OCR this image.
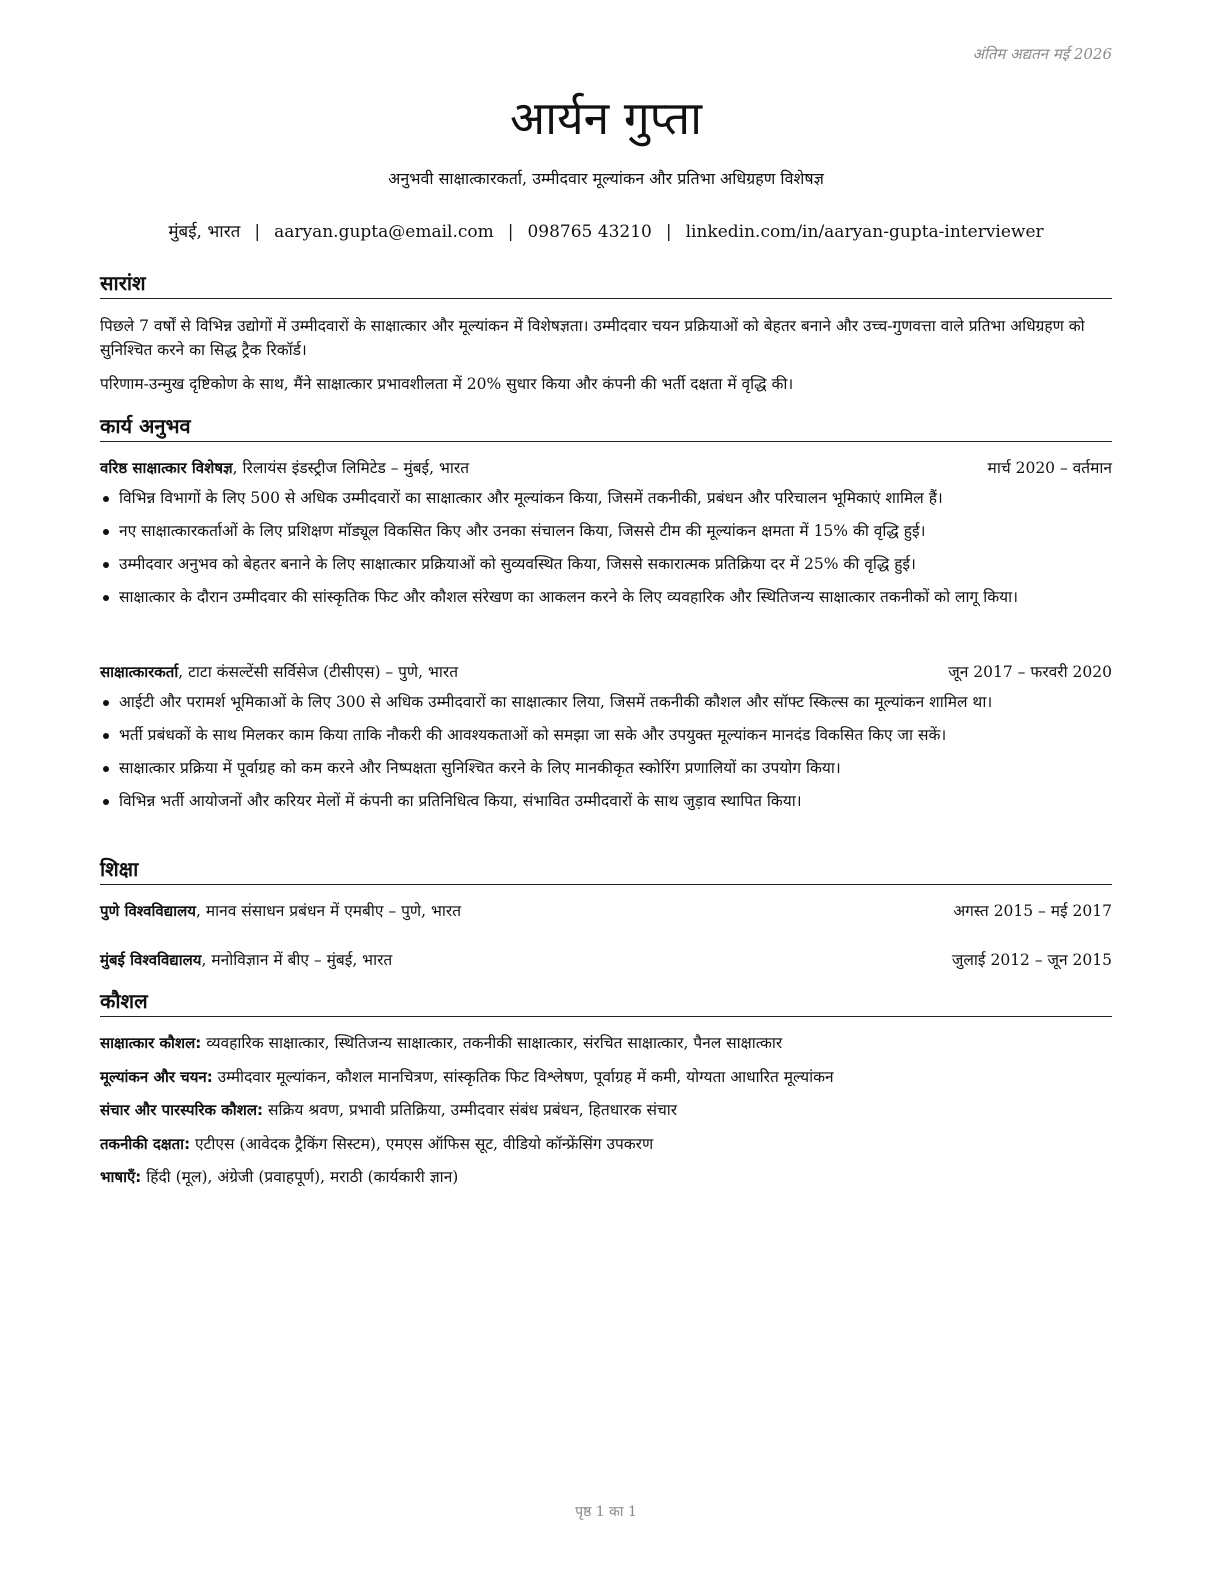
अंतिम अद्यतन मई 2026
आर्यन गुप्ता
अनुभवी साक्षात्कारकर्ता, उम्मीदवार मूल्यांकन और प्रतिभा अधिग्रहण विशेषज्ञ
मुंबई, भारत | aaryan.gupta@email.com | 098765 43210 | linkedin.com/in/aaryan-gupta-interviewer
सारांश
पिछले 7 वर्षों से विभिन्न उद्योगों में उम्मीदवारों के साक्षात्कार और मूल्यांकन में विशेषज्ञता। उम्मीदवार चयन प्रक्रियाओं को बेहतर बनाने और उच्च-गुणवत्ता वाले प्रतिभा अधिग्रहण को सुनिश्चित करने का सिद्ध ट्रैक रिकॉर्ड।
परिणाम-उन्मुख दृष्टिकोण के साथ, मैंने साक्षात्कार प्रभावशीलता में 20% सुधार किया और कंपनी की भर्ती दक्षता में वृद्धि की।
कार्य अनुभव
वरिष्ठ साक्षात्कार विशेषज्ञ, रिलायंस इंडस्ट्रीज लिमिटेड – मुंबई, भारत	मार्च 2020 – वर्तमान
विभिन्न विभागों के लिए 500 से अधिक उम्मीदवारों का साक्षात्कार और मूल्यांकन किया, जिसमें तकनीकी, प्रबंधन और परिचालन भूमिकाएं शामिल हैं।
नए साक्षात्कारकर्ताओं के लिए प्रशिक्षण मॉड्यूल विकसित किए और उनका संचालन किया, जिससे टीम की मूल्यांकन क्षमता में 15% की वृद्धि हुई।
उम्मीदवार अनुभव को बेहतर बनाने के लिए साक्षात्कार प्रक्रियाओं को सुव्यवस्थित किया, जिससे सकारात्मक प्रतिक्रिया दर में 25% की वृद्धि हुई।
साक्षात्कार के दौरान उम्मीदवार की सांस्कृतिक फिट और कौशल संरेखण का आकलन करने के लिए व्यवहारिक और स्थितिजन्य साक्षात्कार तकनीकों को लागू किया।
साक्षात्कारकर्ता, टाटा कंसल्टेंसी सर्विसेज (टीसीएस) – पुणे, भारत	जून 2017 – फरवरी 2020
आईटी और परामर्श भूमिकाओं के लिए 300 से अधिक उम्मीदवारों का साक्षात्कार लिया, जिसमें तकनीकी कौशल और सॉफ्ट स्किल्स का मूल्यांकन शामिल था।
भर्ती प्रबंधकों के साथ मिलकर काम किया ताकि नौकरी की आवश्यकताओं को समझा जा सके और उपयुक्त मूल्यांकन मानदंड विकसित किए जा सकें।
साक्षात्कार प्रक्रिया में पूर्वाग्रह को कम करने और निष्पक्षता सुनिश्चित करने के लिए मानकीकृत स्कोरिंग प्रणालियों का उपयोग किया।
विभिन्न भर्ती आयोजनों और करियर मेलों में कंपनी का प्रतिनिधित्व किया, संभावित उम्मीदवारों के साथ जुड़ाव स्थापित किया।
शिक्षा
पुणे विश्वविद्यालय, मानव संसाधन प्रबंधन में एमबीए – पुणे, भारत	अगस्त 2015 – मई 2017
मुंबई विश्वविद्यालय, मनोविज्ञान में बीए – मुंबई, भारत	जुलाई 2012 – जून 2015
कौशल
साक्षात्कार कौशल: व्यवहारिक साक्षात्कार, स्थितिजन्य साक्षात्कार, तकनीकी साक्षात्कार, संरचित साक्षात्कार, पैनल साक्षात्कार
मूल्यांकन और चयन: उम्मीदवार मूल्यांकन, कौशल मानचित्रण, सांस्कृतिक फिट विश्लेषण, पूर्वाग्रह में कमी, योग्यता आधारित मूल्यांकन
संचार और पारस्परिक कौशल: सक्रिय श्रवण, प्रभावी प्रतिक्रिया, उम्मीदवार संबंध प्रबंधन, हितधारक संचार
तकनीकी दक्षता: एटीएस (आवेदक ट्रैकिंग सिस्टम), एमएस ऑफिस सूट, वीडियो कॉन्फ्रेंसिंग उपकरण
भाषाएँ: हिंदी (मूल), अंग्रेजी (प्रवाहपूर्ण), मराठी (कार्यकारी ज्ञान)
पृष्ठ 1 का 1
